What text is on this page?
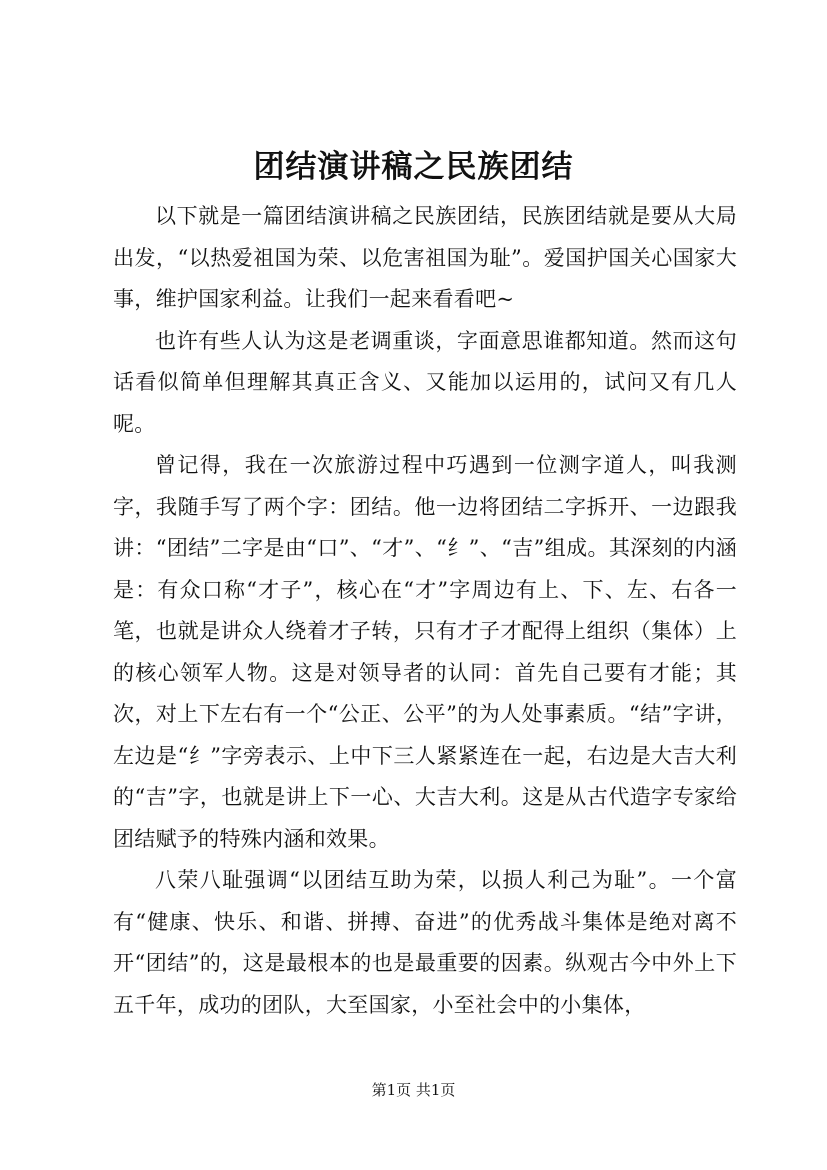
团结演讲稿之民族团结

以下就是一篇团结演讲稿之民族团结，民族团结就是要从大局出发，“以热爱祖国为荣、以危害祖国为耻”。爱国护国关心国家大事，维护国家利益。让我们一起来看看吧~

也许有些人认为这是老调重谈，字面意思谁都知道。然而这句话看似简单但理解其真正含义、又能加以运用的，试问又有几人呢。

曾记得，我在一次旅游过程中巧遇到一位测字道人，叫我测字，我随手写了两个字：团结。他一边将团结二字拆开、一边跟我讲：“团结”二字是由“口”、“才”、“纟”、“吉”组成。其深刻的内涵是：有众口称“才子”，核心在“才”字周边有上、下、左、右各一笔，也就是讲众人绕着才子转，只有才子才配得上组织（集体）上的核心领军人物。这是对领导者的认同：首先自己要有才能；其次，对上下左右有一个“公正、公平”的为人处事素质。“结”字讲，左边是“纟”字旁表示、上中下三人紧紧连在一起，右边是大吉大利的“吉”字，也就是讲上下一心、大吉大利。这是从古代造字专家给团结赋予的特殊内涵和效果。

八荣八耻强调“以团结互助为荣，以损人利己为耻”。一个富有“健康、快乐、和谐、拼搏、奋进”的优秀战斗集体是绝对离不开“团结”的，这是最根本的也是最重要的因素。纵观古今中外上下五千年，成功的团队，大至国家，小至社会中的小集体，

第1页 共1页
